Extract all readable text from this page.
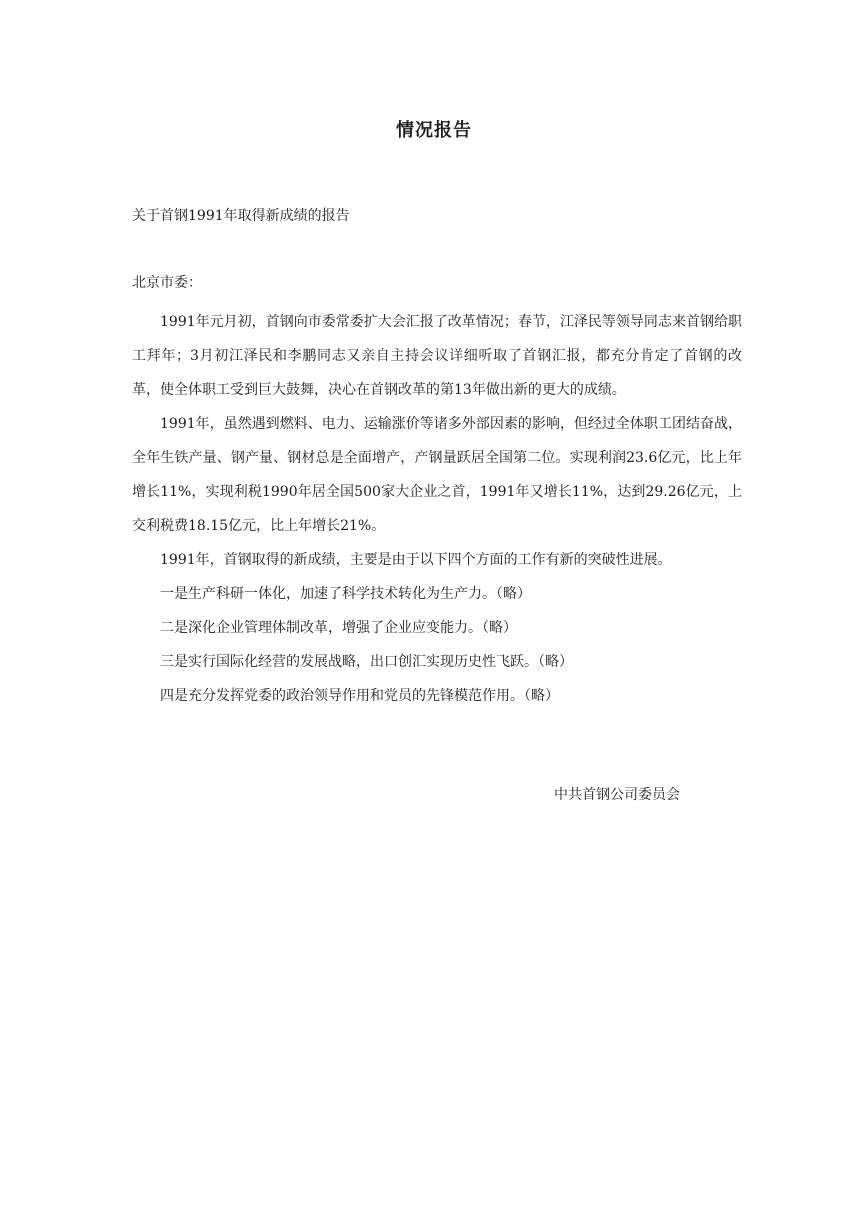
情况报告
关于首钢1991年取得新成绩的报告
北京市委：

1991年元月初，首钢向市委常委扩大会汇报了改革情况；春节，江泽民等领导同志来首钢给职工拜年；3月初江泽民和李鹏同志又亲自主持会议详细听取了首钢汇报，都充分肯定了首钢的改革，使全体职工受到巨大鼓舞，决心在首钢改革的第13年做出新的更大的成绩。

1991年，虽然遇到燃料、电力、运输涨价等诸多外部因素的影响，但经过全体职工团结奋战，全年生铁产量、钢产量、钢材总是全面增产，产钢量跃居全国第二位。实现利润23.6亿元，比上年增长11%，实现利税1990年居全国500家大企业之首，1991年又增长11%，达到29.26亿元，上交利税费18.15亿元，比上年增长21%。

1991年，首钢取得的新成绩，主要是由于以下四个方面的工作有新的突破性进展。

一是生产科研一体化，加速了科学技术转化为生产力。（略）

二是深化企业管理体制改革，增强了企业应变能力。（略）

三是实行国际化经营的发展战略，出口创汇实现历史性飞跃。（略）

四是充分发挥党委的政治领导作用和党员的先锋模范作用。（略）

中共首钢公司委员会
